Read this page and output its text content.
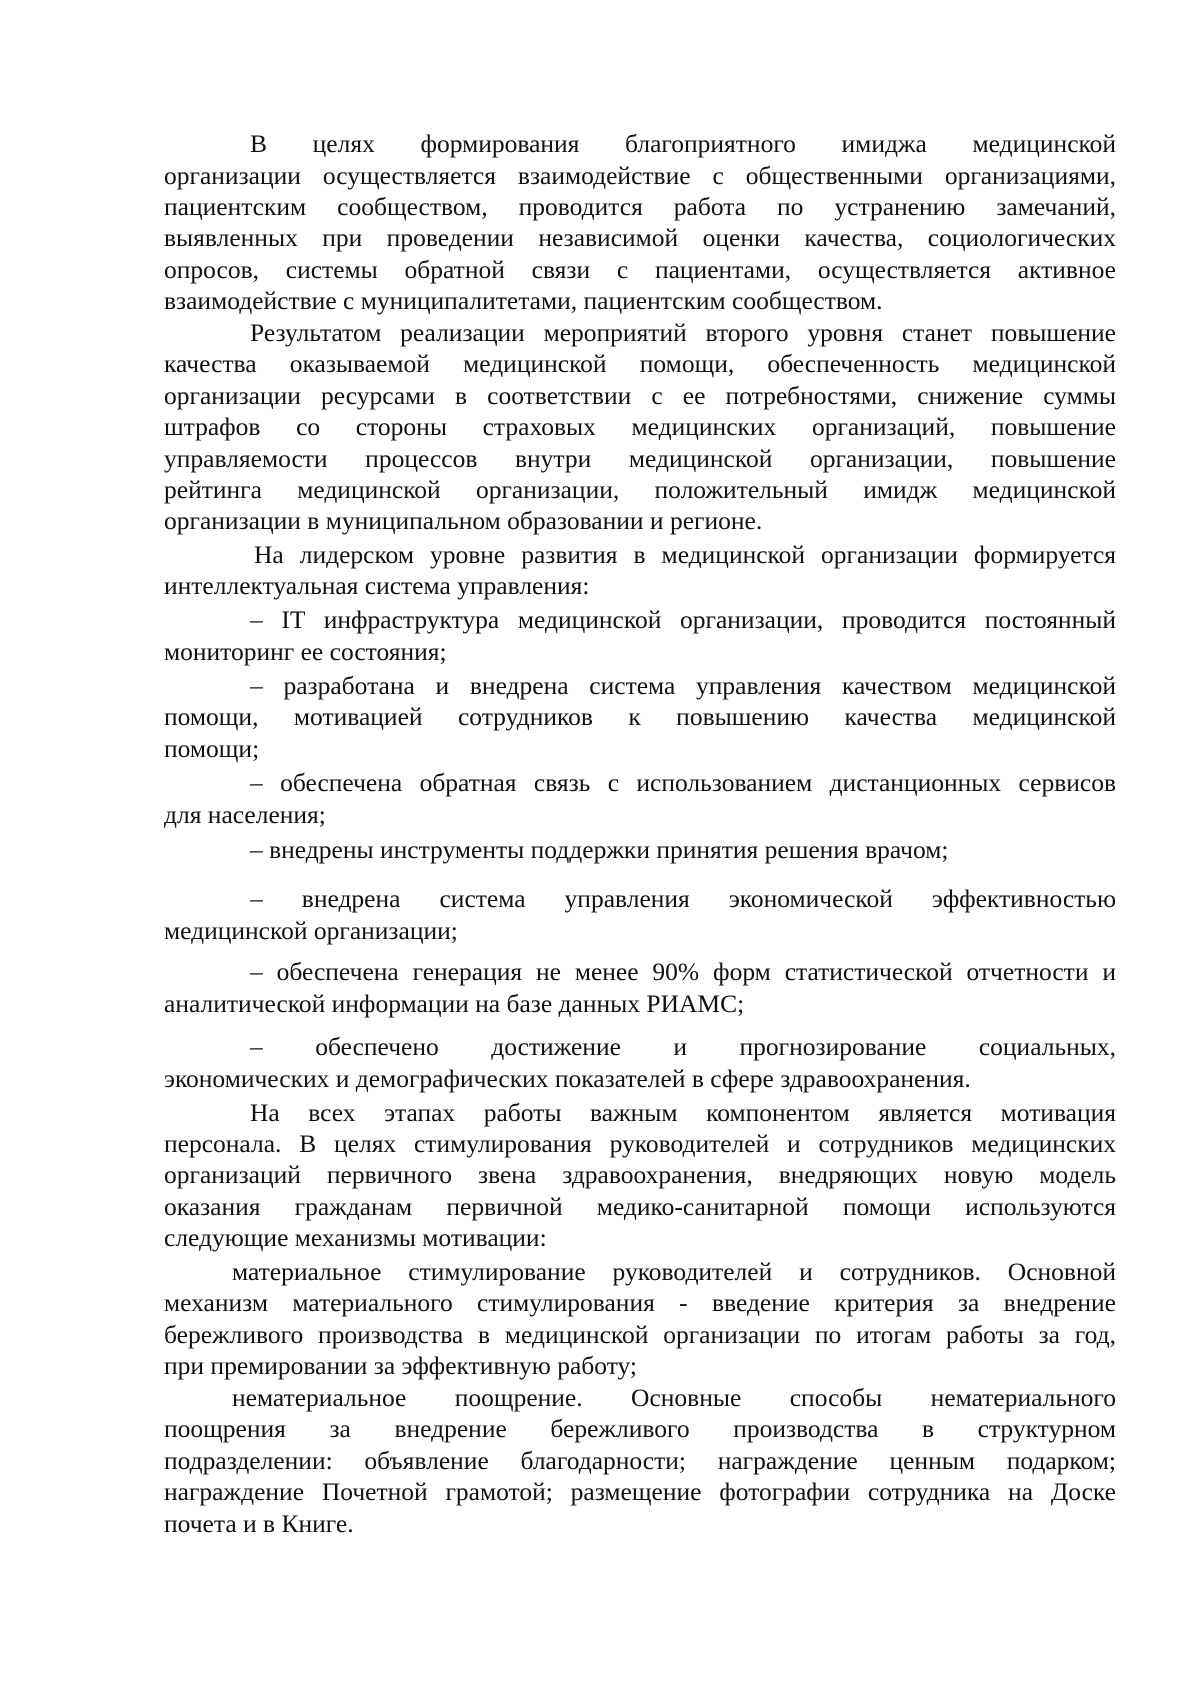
В целях формирования благоприятного имиджа медицинской
организации осуществляется взаимодействие с общественными организациями,
пациентским сообществом, проводится работа по устранению замечаний,
выявленных при проведении независимой оценки качества, социологических
опросов, системы обратной связи с пациентами, осуществляется активное
взаимодействие с муниципалитетами, пациентским сообществом.
Результатом реализации мероприятий второго уровня станет повышение
качества оказываемой медицинской помощи, обеспеченность медицинской
организации ресурсами в соответствии с ее потребностями, снижение суммы
штрафов со стороны страховых медицинских организаций, повышение
управляемости процессов внутри медицинской организации, повышение
рейтинга медицинской организации, положительный имидж медицинской
организации в муниципальном образовании и регионе.
На лидерском уровне развития в медицинской организации формируется
интеллектуальная система управления:
– IT инфраструктура медицинской организации, проводится постоянный
мониторинг ее состояния;
– разработана и внедрена система управления качеством медицинской
помощи, мотивацией сотрудников к повышению качества медицинской
помощи;
– обеспечена обратная связь с использованием дистанционных сервисов
для населения;
– внедрены инструменты поддержки принятия решения врачом;
– внедрена система управления экономической эффективностью
медицинской организации;
– обеспечена генерация не менее 90% форм статистической отчетности и
аналитической информации на базе данных РИАМС;
– обеспечено достижение и прогнозирование социальных,
экономических и демографических показателей в сфере здравоохранения.
На всех этапах работы важным компонентом является мотивация
персонала. В целях стимулирования руководителей и сотрудников медицинских
организаций первичного звена здравоохранения, внедряющих новую модель
оказания гражданам первичной медико-санитарной помощи используются
следующие механизмы мотивации:
материальное стимулирование руководителей и сотрудников. Основной
механизм материального стимулирования - введение критерия за внедрение
бережливого производства в медицинской организации по итогам работы за год,
при премировании за эффективную работу;
нематериальное поощрение. Основные способы нематериального
поощрения за внедрение бережливого производства в структурном
подразделении: объявление благодарности; награждение ценным подарком;
награждение Почетной грамотой; размещение фотографии сотрудника на Доске
почета и в Книге.
